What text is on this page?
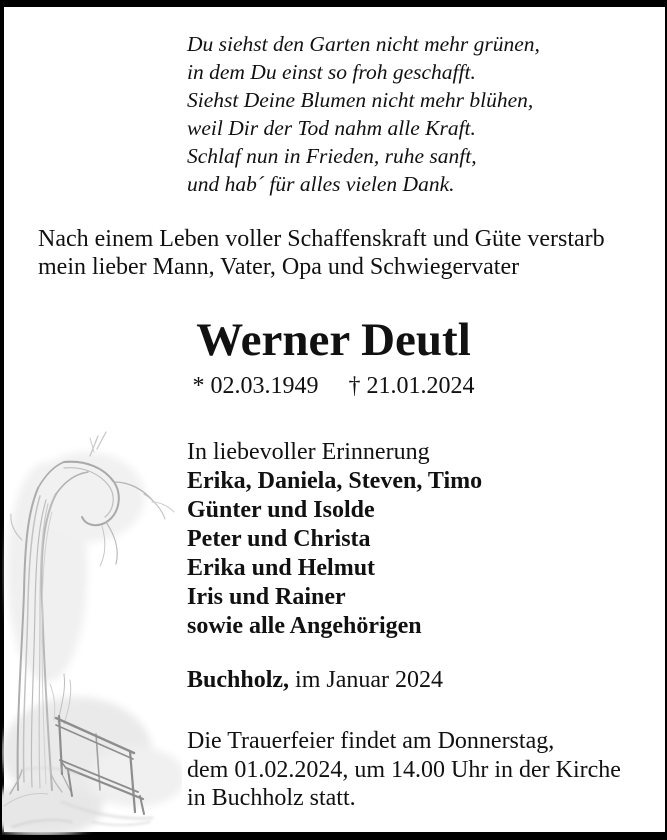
Du siehst den Garten nicht mehr grünen,
in dem Du einst so froh geschafft.
Siehst Deine Blumen nicht mehr blühen,
weil Dir der Tod nahm alle Kraft.
Schlaf nun in Frieden, ruhe sanft,
und hab´ für alles vielen Dank.
Nach einem Leben voller Schaffenskraft und Güte verstarb
mein lieber Mann, Vater, Opa und Schwiegervater
Werner Deutl
* 02.03.1949 † 21.01.2024
In liebevoller Erinnerung
Erika, Daniela, Steven, Timo
Günter und Isolde
Peter und Christa
Erika und Helmut
Iris und Rainer
sowie alle Angehörigen
Buchholz, im Januar 2024
Die Trauerfeier findet am Donnerstag,
dem 01.02.2024, um 14.00 Uhr in der Kirche
in Buchholz statt.
